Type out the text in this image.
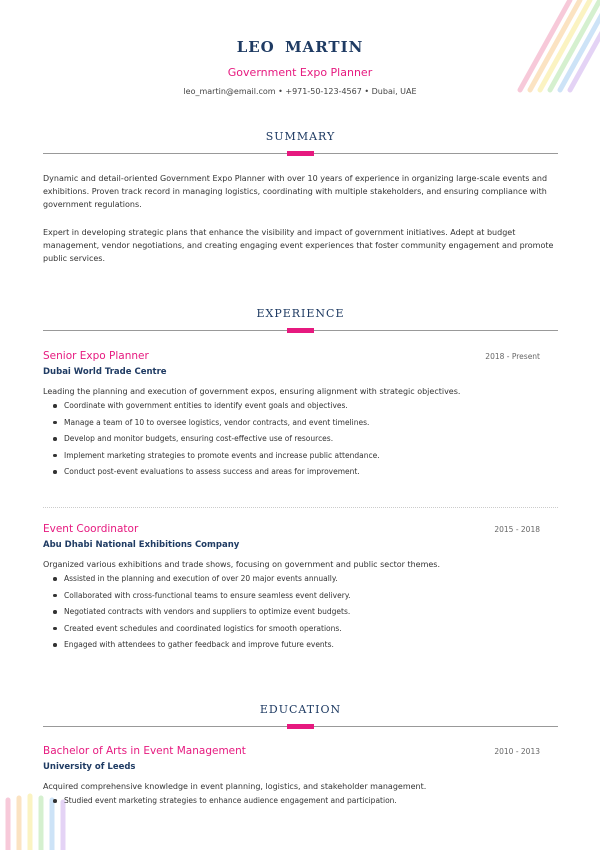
LEO MARTIN
Government Expo Planner
leo_martin@email.com • +971-50-123-4567 • Dubai, UAE
SUMMARY
Dynamic and detail-oriented Government Expo Planner with over 10 years of experience in organizing large-scale events and exhibitions. Proven track record in managing logistics, coordinating with multiple stakeholders, and ensuring compliance with government regulations.
Expert in developing strategic plans that enhance the visibility and impact of government initiatives. Adept at budget management, vendor negotiations, and creating engaging event experiences that foster community engagement and promote public services.
EXPERIENCE
Senior Expo Planner	2018 - Present
Dubai World Trade Centre
Leading the planning and execution of government expos, ensuring alignment with strategic objectives.
Coordinate with government entities to identify event goals and objectives.
Manage a team of 10 to oversee logistics, vendor contracts, and event timelines.
Develop and monitor budgets, ensuring cost-effective use of resources.
Implement marketing strategies to promote events and increase public attendance.
Conduct post-event evaluations to assess success and areas for improvement.
Event Coordinator	2015 - 2018
Abu Dhabi National Exhibitions Company
Organized various exhibitions and trade shows, focusing on government and public sector themes.
Assisted in the planning and execution of over 20 major events annually.
Collaborated with cross-functional teams to ensure seamless event delivery.
Negotiated contracts with vendors and suppliers to optimize event budgets.
Created event schedules and coordinated logistics for smooth operations.
Engaged with attendees to gather feedback and improve future events.
EDUCATION
Bachelor of Arts in Event Management	2010 - 2013
University of Leeds
Acquired comprehensive knowledge in event planning, logistics, and stakeholder management.
Studied event marketing strategies to enhance audience engagement and participation.
